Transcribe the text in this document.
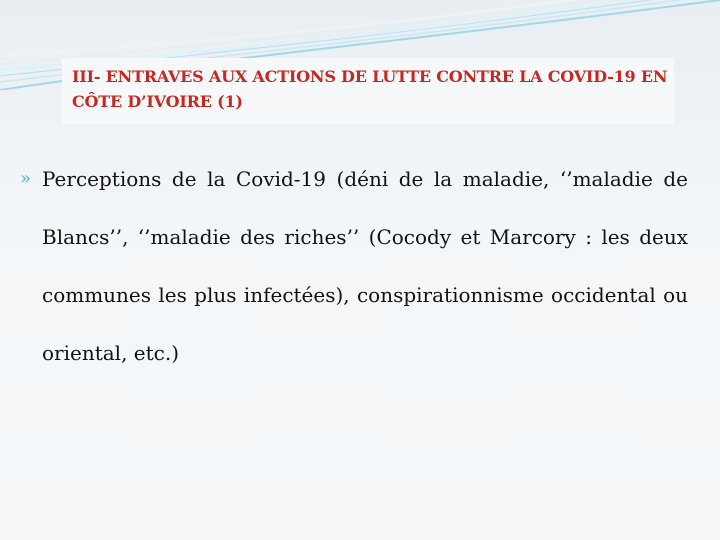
III- ENTRAVES AUX ACTIONS DE LUTTE CONTRE LA COVID-19 EN CÔTE D’IVOIRE (1)

» Perceptions de la Covid-19 (déni de la maladie, ‘’maladie de Blancs’’, ‘’maladie des riches’’ (Cocody et Marcory : les deux communes les plus infectées), conspirationnisme occidental ou oriental, etc.)
